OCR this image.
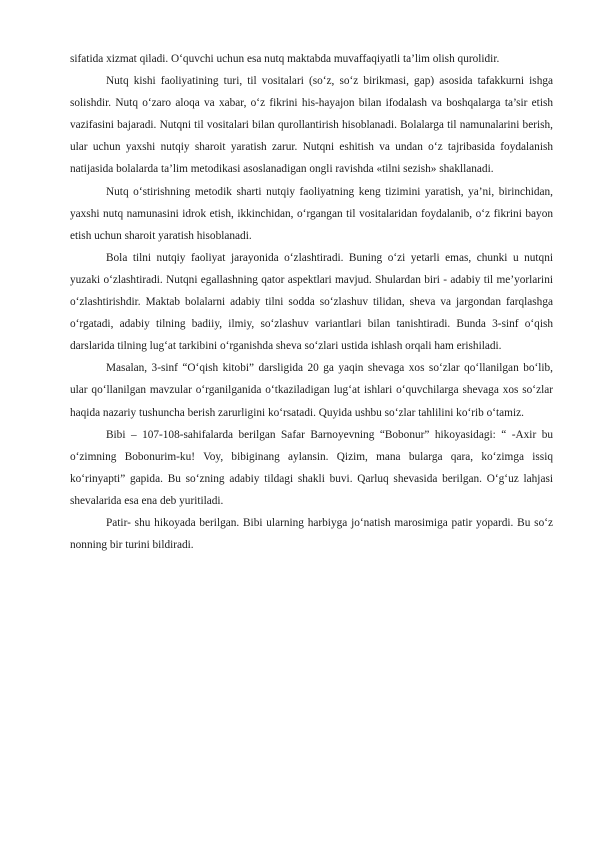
sifatida xizmat qiladi. O‘quvchi uchun esa nutq maktabda muvaffaqiyatli ta’lim olish qurolidir.

Nutq kishi faoliyatining turi, til vositalari (so‘z, so‘z birikmasi, gap) asosida tafakkurni ishga solishdir. Nutq o‘zaro aloqa va xabar, o‘z fikrini his-hayajon bilan ifodalash va boshqalarga ta’sir etish vazifasini bajaradi. Nutqni til vositalari bilan qurollantirish hisoblanadi. Bolalarga til namunalarini berish, ular uchun yaxshi nutqiy sharoit yaratish zarur. Nutqni eshitish va undan o‘z tajribasida foydalanish natijasida bolalarda ta’lim metodikasi asoslanadigan ongli ravishda «tilni sezish» shakllanadi.

Nutq o‘stirishning metodik sharti nutqiy faoliyatning keng tizimini yaratish, ya’ni, birinchidan, yaxshi nutq namunasini idrok etish, ikkinchidan, o‘rgangan til vositalaridan foydalanib, o‘z fikrini bayon etish uchun sharoit yaratish hisoblanadi.

Bola tilni nutqiy faoliyat jarayonida o‘zlashtiradi. Buning o‘zi yetarli emas, chunki u nutqni yuzaki o‘zlashtiradi. Nutqni egallashning qator aspektlari mavjud. Shulardan biri - adabiy til me’yorlarini o‘zlashtirishdir. Maktab bolalarni adabiy tilni sodda so‘zlashuv tilidan, sheva va jargondan farqlashga o‘rgatadi, adabiy tilning badiiy, ilmiy, so‘zlashuv variantlari bilan tanishtiradi. Bunda 3-sinf o‘qish darslarida tilning lug‘at tarkibini o‘rganishda sheva so‘zlari ustida ishlash orqali ham erishiladi.

Masalan, 3-sinf “O‘qish kitobi” darsligida 20 ga yaqin shevaga xos so‘zlar qo‘llanilgan bo‘lib, ular qo‘llanilgan mavzular o‘rganilganida o‘tkaziladigan lug‘at ishlari o‘quvchilarga shevaga xos so‘zlar haqida nazariy tushuncha berish zarurligini ko‘rsatadi. Quyida ushbu so‘zlar tahlilini ko‘rib o‘tamiz.

Bibi – 107-108-sahifalarda berilgan Safar Barnoyevning “Bobonur” hikoyasidagi: “ -Axir bu o‘zimning Bobonurim-ku! Voy, bibiginang aylansin. Qizim, mana bularga qara, ko‘zimga issiq ko‘rinyapti” gapida. Bu so‘zning adabiy tildagi shakli buvi. Qarluq shevasida berilgan. O‘g‘uz lahjasi shevalarida esa ena deb yuritiladi.

Patir- shu hikoyada berilgan. Bibi ularning harbiyga jo‘natish marosimiga patir yopardi. Bu so‘z nonning bir turini bildiradi.
